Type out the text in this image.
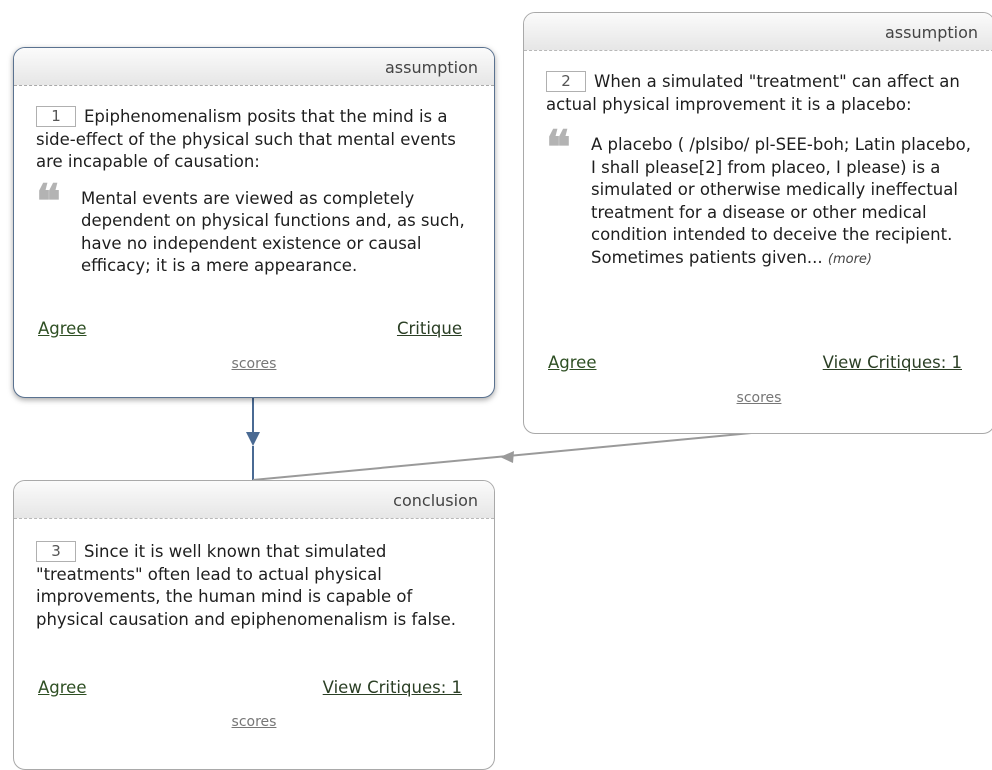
assumption
1 Epiphenomenalism posits that the mind is a side-effect of the physical such that mental events are incapable of causation:
❝ Mental events are viewed as completely dependent on physical functions and, as such, have no independent existence or causal efficacy; it is a mere appearance.
Agree	Critique
scores
assumption
2 When a simulated "treatment" can affect an actual physical improvement it is a placebo:
❝ A placebo ( /plsibo/ pl-SEE-boh; Latin placebo, I shall please[2] from placeo, I please) is a simulated or otherwise medically ineffectual treatment for a disease or other medical condition intended to deceive the recipient. Sometimes patients given... (more)
Agree	View Critiques: 1
scores
conclusion
3 Since it is well known that simulated "treatments" often lead to actual physical improvements, the human mind is capable of physical causation and epiphenomenalism is false.
Agree	View Critiques: 1
scores
